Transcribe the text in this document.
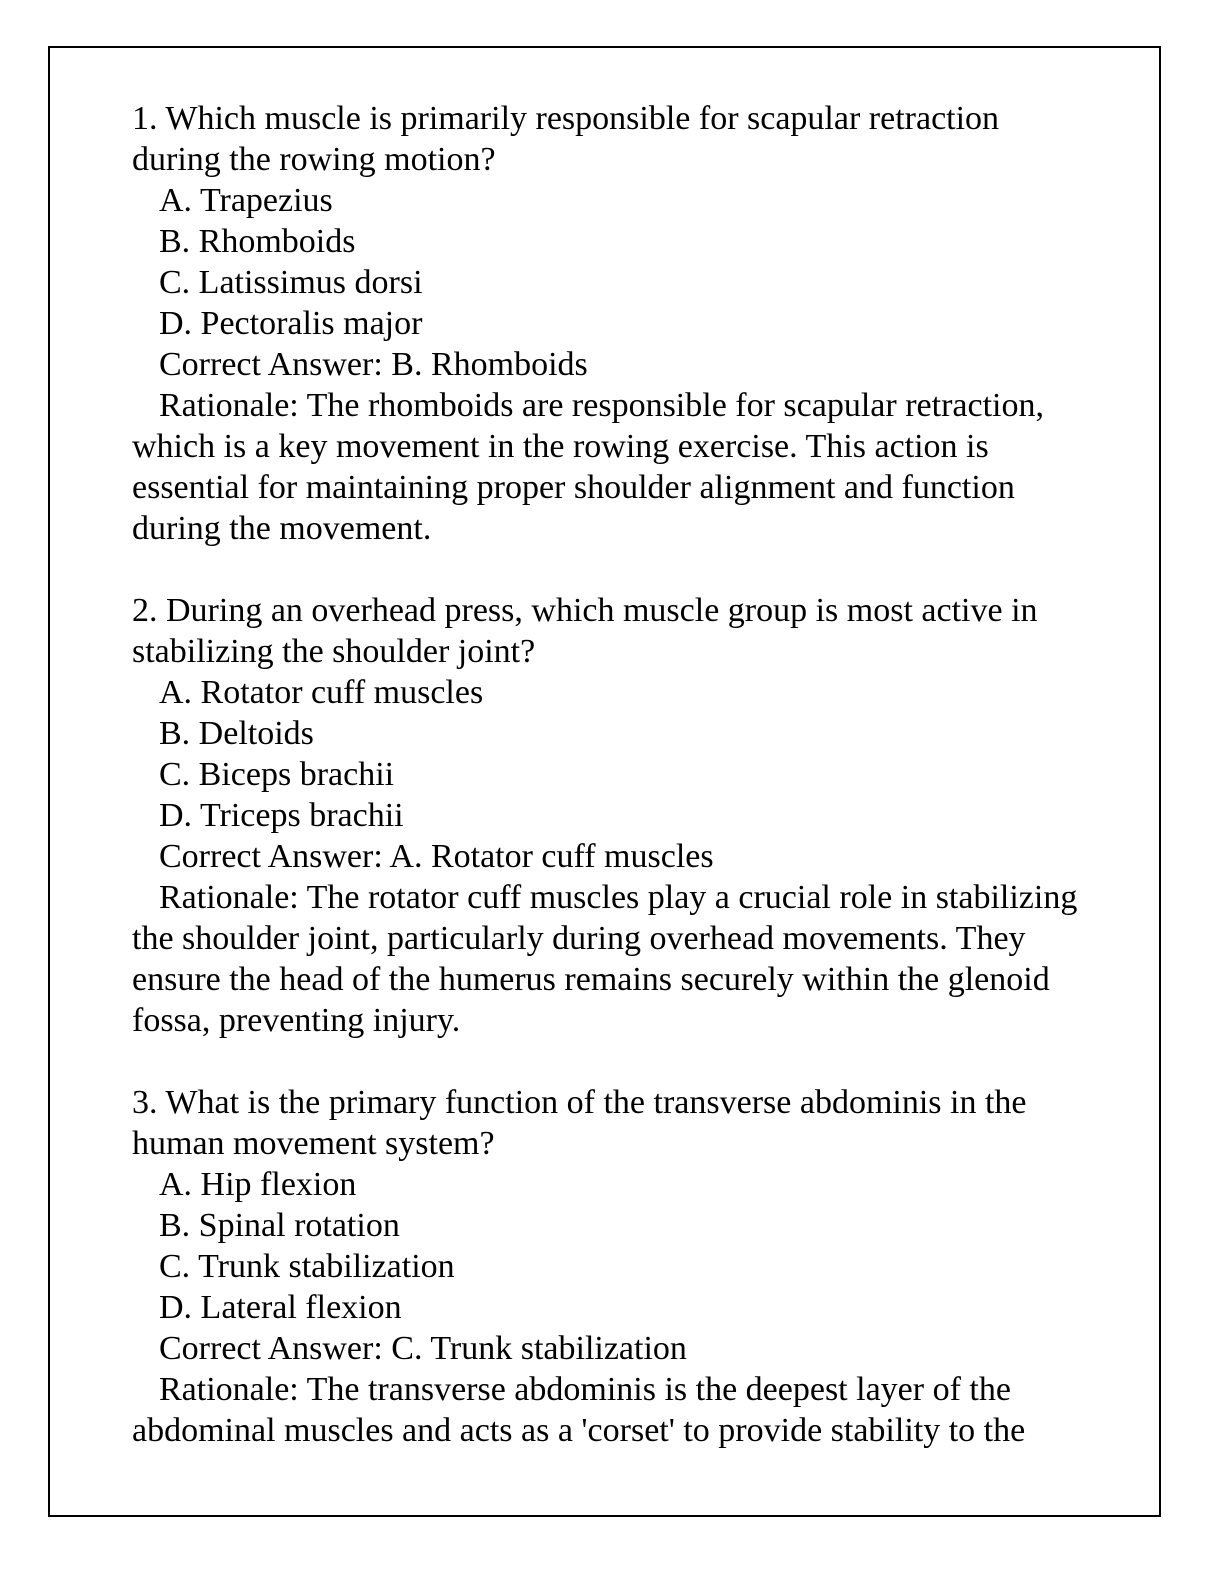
1. Which muscle is primarily responsible for scapular retraction during the rowing motion?
A. Trapezius
B. Rhomboids
C. Latissimus dorsi
D. Pectoralis major
Correct Answer: B. Rhomboids
Rationale: The rhomboids are responsible for scapular retraction, which is a key movement in the rowing exercise. This action is essential for maintaining proper shoulder alignment and function during the movement.
2. During an overhead press, which muscle group is most active in stabilizing the shoulder joint?
A. Rotator cuff muscles
B. Deltoids
C. Biceps brachii
D. Triceps brachii
Correct Answer: A. Rotator cuff muscles
Rationale: The rotator cuff muscles play a crucial role in stabilizing the shoulder joint, particularly during overhead movements. They ensure the head of the humerus remains securely within the glenoid fossa, preventing injury.
3. What is the primary function of the transverse abdominis in the human movement system?
A. Hip flexion
B. Spinal rotation
C. Trunk stabilization
D. Lateral flexion
Correct Answer: C. Trunk stabilization
Rationale: The transverse abdominis is the deepest layer of the abdominal muscles and acts as a 'corset' to provide stability to the
